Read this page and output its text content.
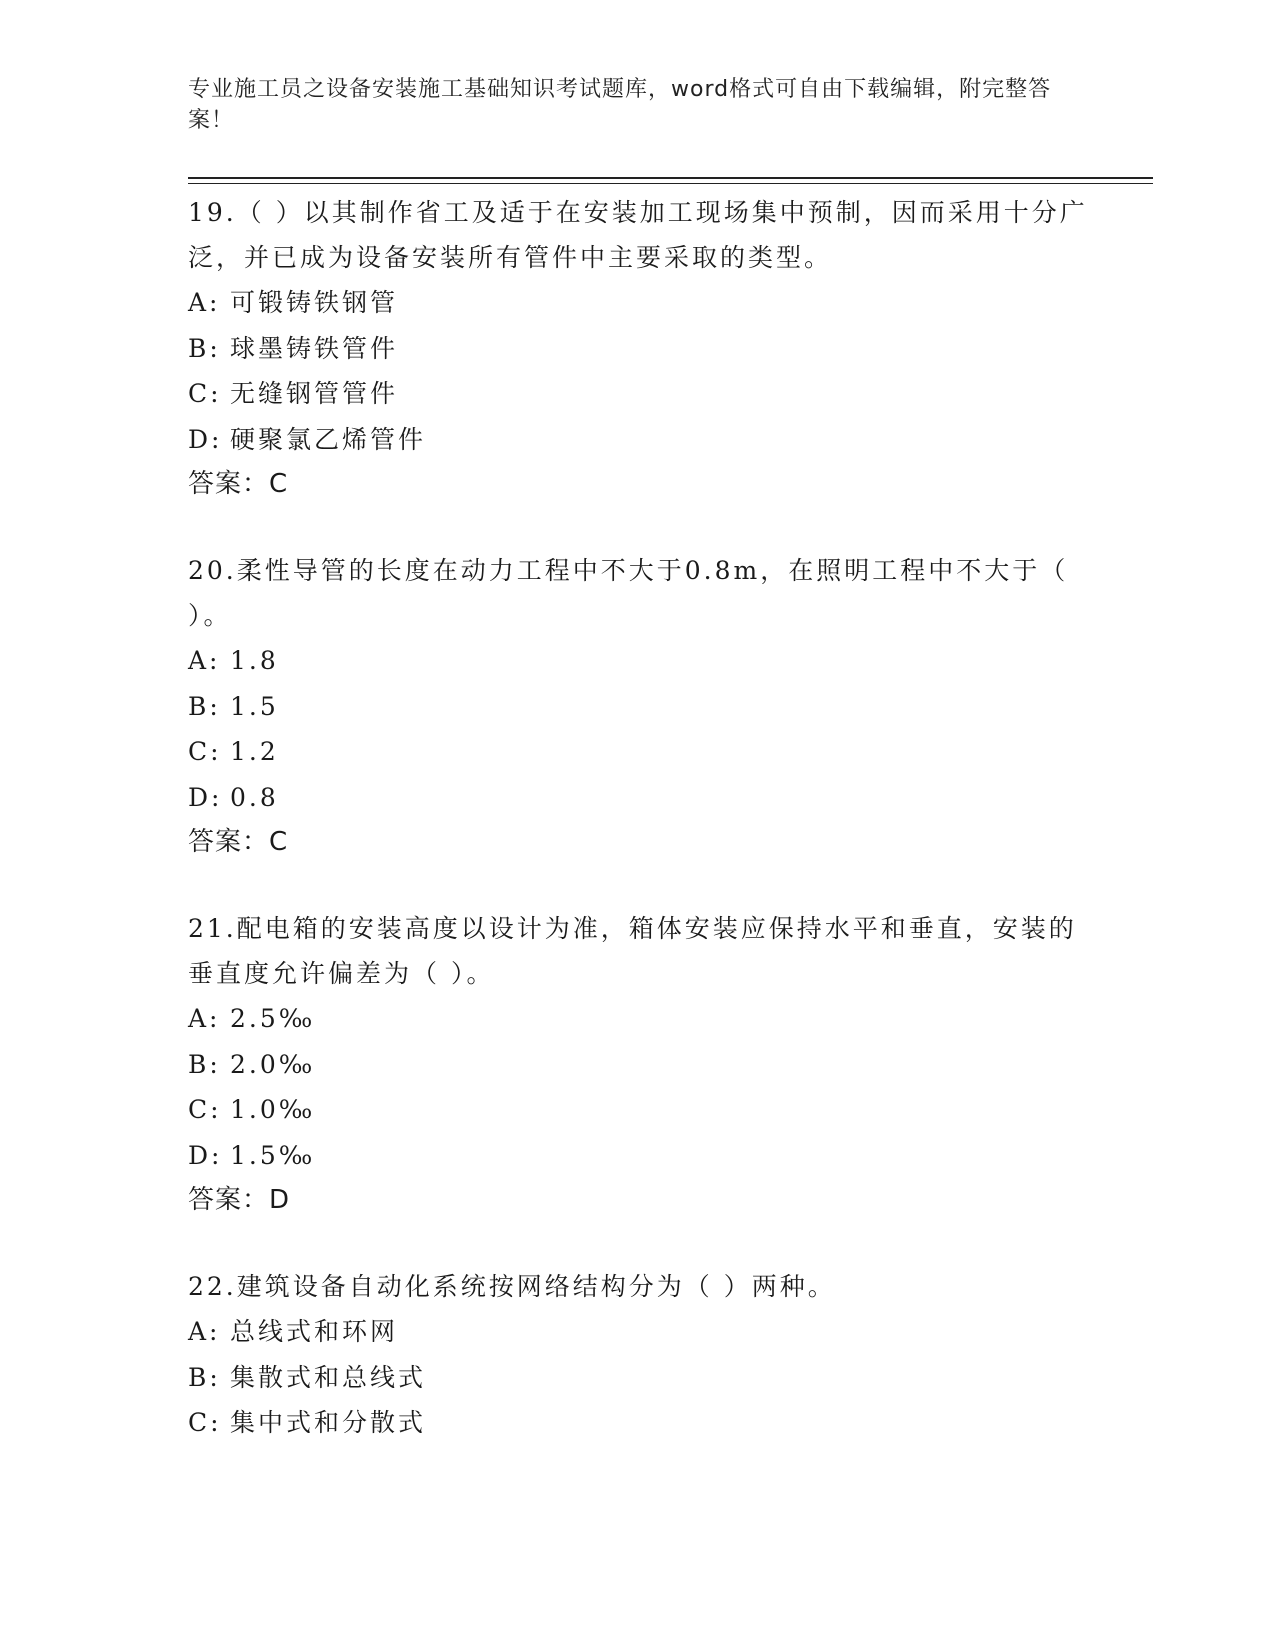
专业施工员之设备安装施工基础知识考试题库，word格式可自由下载编辑，附完整答案！

19.（ ）以其制作省工及适于在安装加工现场集中预制，因而采用十分广泛，并已成为设备安装所有管件中主要采取的类型。

A: 可锻铸铁钢管

B: 球墨铸铁管件

C: 无缝钢管管件

D: 硬聚氯乙烯管件

答案：C

20.柔性导管的长度在动力工程中不大于0.8m，在照明工程中不大于（ ）。

A: 1.8

B: 1.5

C: 1.2

D: 0.8

答案：C

21.配电箱的安装高度以设计为准，箱体安装应保持水平和垂直，安装的垂直度允许偏差为（ ）。

A: 2.5‰

B: 2.0‰

C: 1.0‰

D: 1.5‰

答案：D

22.建筑设备自动化系统按网络结构分为（ ）两种。

A: 总线式和环网

B: 集散式和总线式

C: 集中式和分散式
